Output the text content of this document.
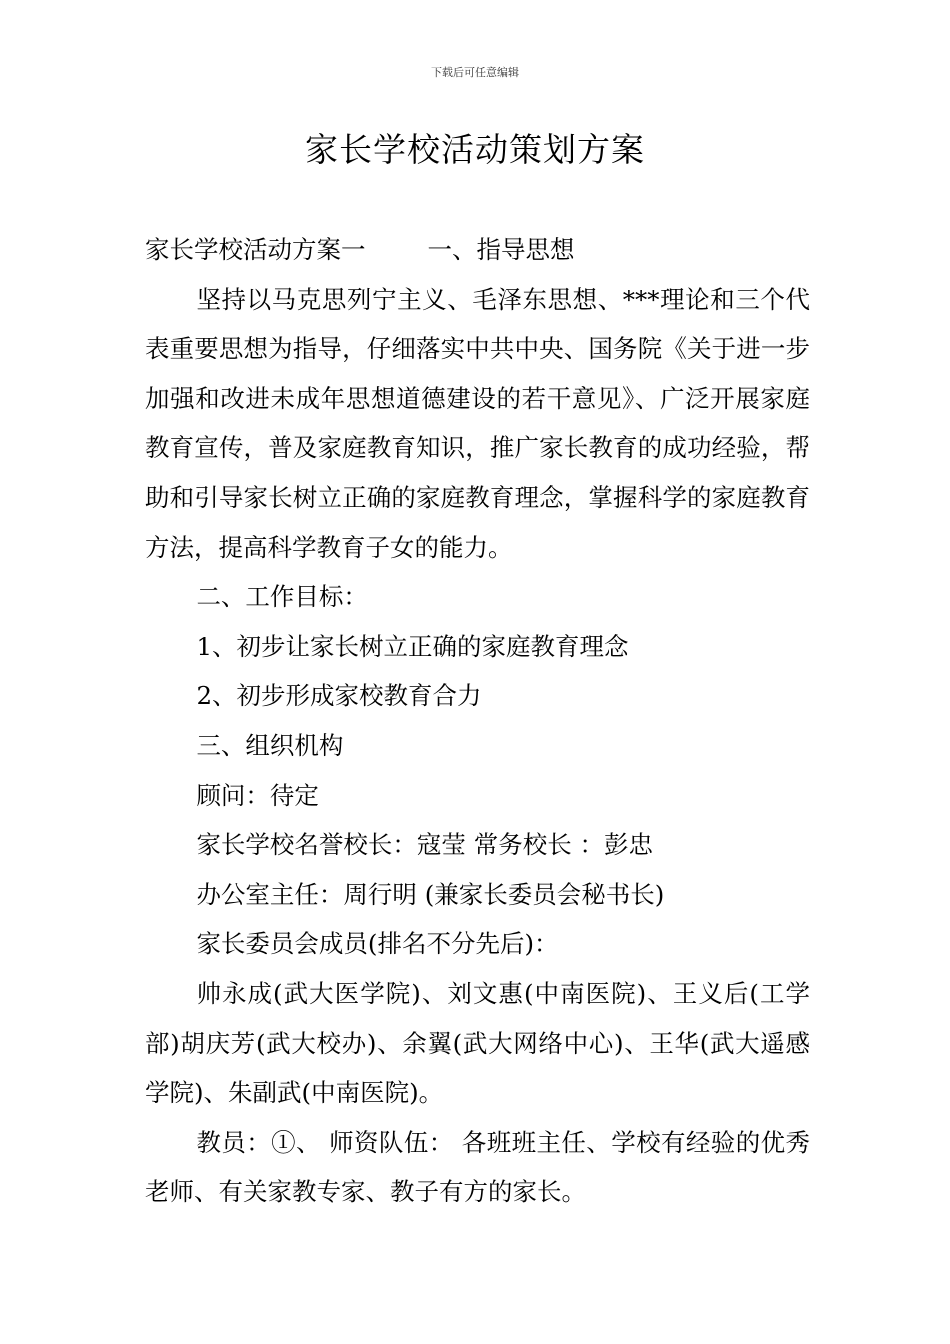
下载后可任意编辑
家长学校活动策划方案

家长学校活动方案一	一、指导思想

坚持以马克思列宁主义、毛泽东思想、***理论和三个代表重要思想为指导，仔细落实中共中央、国务院《关于进一步加强和改进未成年思想道德建设的若干意见》、广泛开展家庭教育宣传，普及家庭教育知识，推广家长教育的成功经验，帮助和引导家长树立正确的家庭教育理念，掌握科学的家庭教育方法，提高科学教育子女的能力。

二、工作目标：

1、初步让家长树立正确的家庭教育理念

2、初步形成家校教育合力

三、组织机构

顾问：待定

家长学校名誉校长：寇莹 常务校长 ：彭忠

办公室主任：周行明 (兼家长委员会秘书长)

家长委员会成员(排名不分先后)：

帅永成(武大医学院)、刘文惠(中南医院)、王义后(工学部)胡庆芳(武大校办)、余翼(武大网络中心)、王华(武大遥感学院)、朱副武(中南医院)。

教员：①、 师资队伍： 各班班主任、学校有经验的优秀老师、有关家教专家、教子有方的家长。
